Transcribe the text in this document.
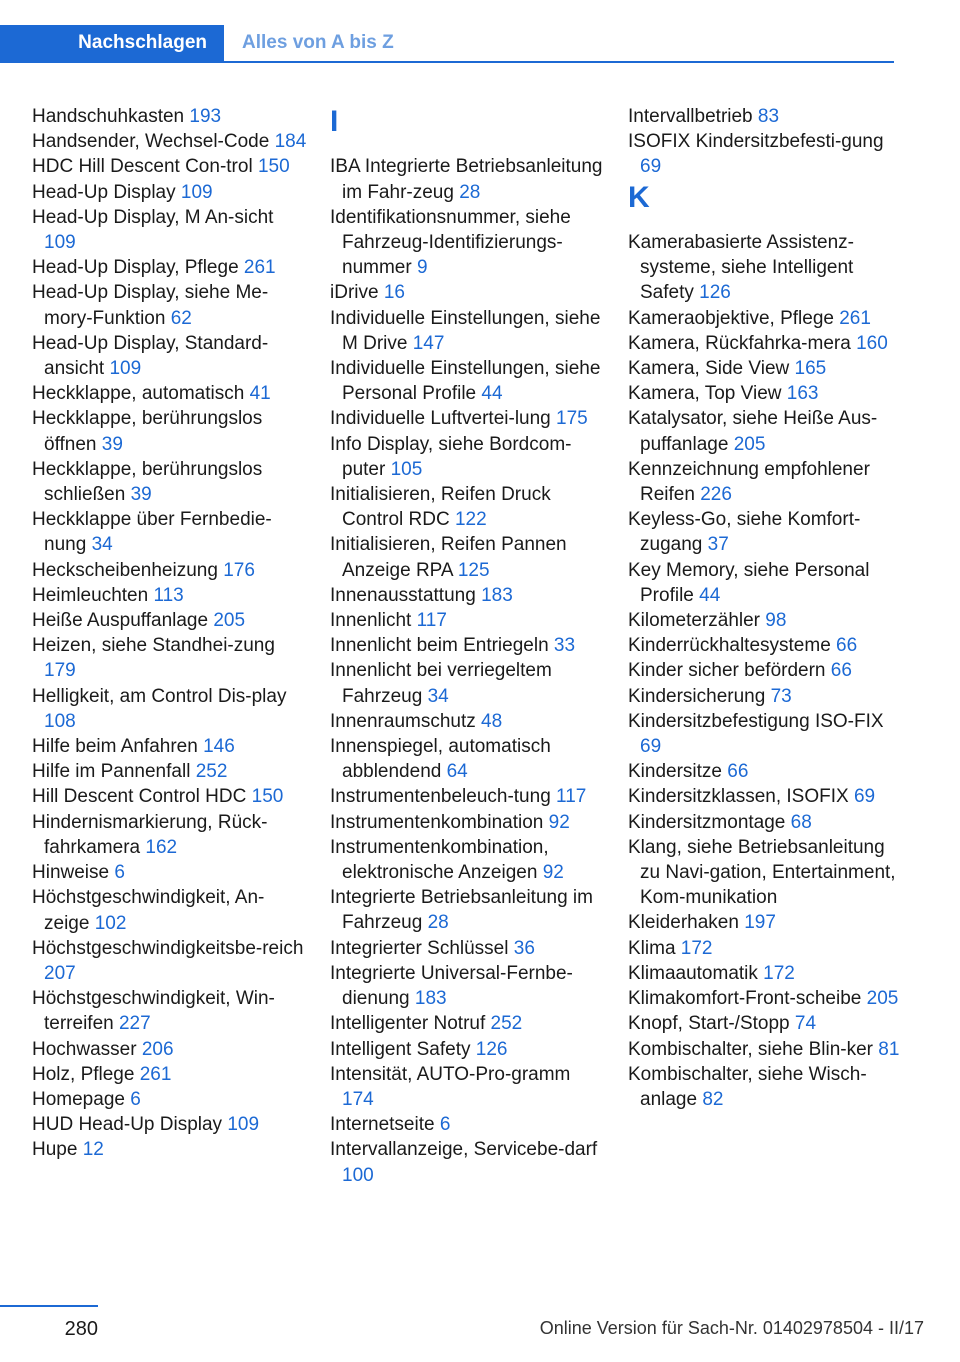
Nachschlagen	Alles von A bis Z

Handschuhkasten 193

Handsender, Wechsel-Code 184

HDC Hill Descent Con-trol 150

Head-Up Display 109

Head-Up Display, M An-sicht 109

Head-Up Display, Pflege 261

Head-Up Display, siehe Me-mory-Funktion 62

Head-Up Display, Standard-ansicht 109

Heckklappe, automatisch 41

Heckklappe, berührungslos öffnen 39

Heckklappe, berührungslos schließen 39

Heckklappe über Fernbedie-nung 34

Heckscheibenheizung 176

Heimleuchten 113

Heiße Auspuffanlage 205

Heizen, siehe Standhei-zung 179

Helligkeit, am Control Dis-play 108

Hilfe beim Anfahren 146

Hilfe im Pannenfall 252

Hill Descent Control HDC 150

Hindernismarkierung, Rück-fahrkamera 162

Hinweise 6

Höchstgeschwindigkeit, An-zeige 102

Höchstgeschwindigkeitsbe-reich 207

Höchstgeschwindigkeit, Win-terreifen 227

Hochwasser 206

Holz, Pflege 261

Homepage 6

HUD Head-Up Display 109

Hupe 12

I

IBA Integrierte Betriebsanleitung im Fahr-zeug 28

Identifikationsnummer, siehe Fahrzeug-Identifizierungs-nummer 9

iDrive 16

Individuelle Einstellungen, siehe M Drive 147

Individuelle Einstellungen, siehe Personal Profile 44

Individuelle Luftvertei-lung 175

Info Display, siehe Bordcom-puter 105

Initialisieren, Reifen Druck Control RDC 122

Initialisieren, Reifen Pannen Anzeige RPA 125

Innenausstattung 183

Innenlicht 117

Innenlicht beim Entriegeln 33

Innenlicht bei verriegeltem Fahrzeug 34

Innenraumschutz 48

Innenspiegel, automatisch abblendend 64

Instrumentenbeleuch-tung 117

Instrumentenkombination 92

Instrumentenkombination, elektronische Anzeigen 92

Integrierte Betriebsanleitung im Fahrzeug 28

Integrierter Schlüssel 36

Integrierte Universal-Fernbe-dienung 183

Intelligenter Notruf 252

Intelligent Safety 126

Intensität, AUTO-Pro-gramm 174

Internetseite 6

Intervallanzeige, Servicebe-darf 100

Intervallbetrieb 83

ISOFIX Kindersitzbefesti-gung 69

K

Kamerabasierte Assistenz-systeme, siehe Intelligent Safety 126

Kameraobjektive, Pflege 261

Kamera, Rückfahrka-mera 160

Kamera, Side View 165

Kamera, Top View 163

Katalysator, siehe Heiße Aus-puffanlage 205

Kennzeichnung empfohlener Reifen 226

Keyless-Go, siehe Komfort-zugang 37

Key Memory, siehe Personal Profile 44

Kilometerzähler 98

Kinderrückhaltesysteme 66

Kinder sicher befördern 66

Kindersicherung 73

Kindersitzbefestigung ISO-FIX 69

Kindersitze 66

Kindersitzklassen, ISOFIX 69

Kindersitzmontage 68

Klang, siehe Betriebsanleitung zu Navi-gation, Entertainment, Kom-munikation

Kleiderhaken 197

Klima 172

Klimaautomatik 172

Klimakomfort-Front-scheibe 205

Knopf, Start-/Stopp 74

Kombischalter, siehe Blin-ker 81

Kombischalter, siehe Wisch-anlage 82

280	Online Version für Sach-Nr. 01402978504 - II/17
